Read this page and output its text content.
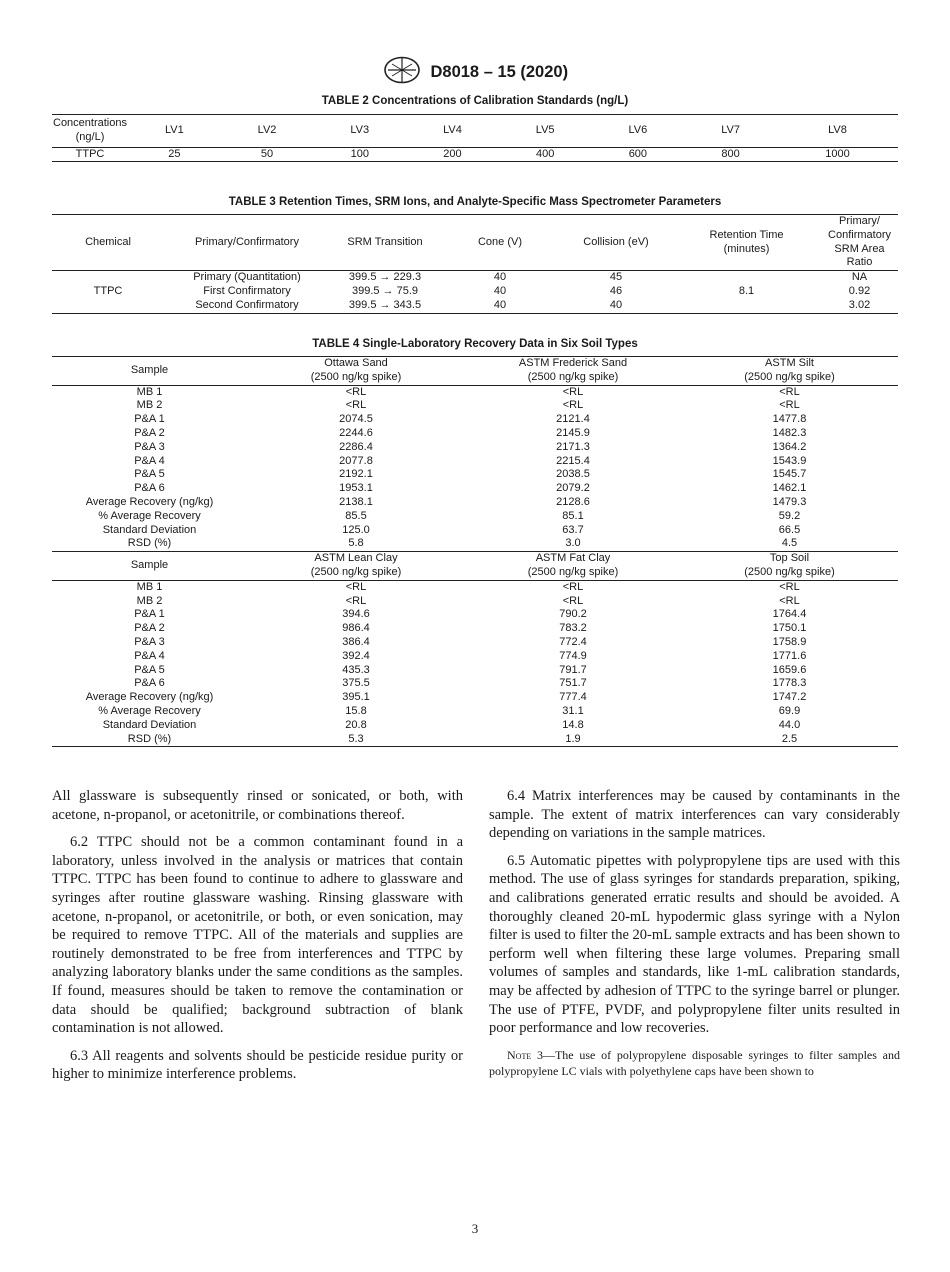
D8018 – 15 (2020)
TABLE 2 Concentrations of Calibration Standards (ng/L)
Concentrations (ng/L)	LV1	LV2	LV3	LV4	LV5	LV6	LV7	LV8
TTPC	25	50	100	200	400	600	800	1000
TABLE 3 Retention Times, SRM Ions, and Analyte-Specific Mass Spectrometer Parameters
Chemical	Primary/Confirmatory	SRM Transition	Cone (V)	Collision (eV)	Retention Time (minutes)	Primary/ Confirmatory SRM Area Ratio
TTPC	Primary (Quantitation)	399.5 → 229.3	40	45	8.1	NA
	First Confirmatory	399.5 → 75.9	40	46		0.92
	Second Confirmatory	399.5 → 343.5	40	40		3.02
TABLE 4 Single-Laboratory Recovery Data in Six Soil Types
Sample	Ottawa Sand	ASTM Frederick Sand	ASTM Silt
	(2500 ng/kg spike)	(2500 ng/kg spike)	(2500 ng/kg spike)
MB 1	<RL	<RL	<RL
MB 2	<RL	<RL	<RL
P&A 1	2074.5	2121.4	1477.8
P&A 2	2244.6	2145.9	1482.3
P&A 3	2286.4	2171.3	1364.2
P&A 4	2077.8	2215.4	1543.9
P&A 5	2192.1	2038.5	1545.7
P&A 6	1953.1	2079.2	1462.1
Average Recovery (ng/kg)	2138.1	2128.6	1479.3
% Average Recovery	85.5	85.1	59.2
Standard Deviation	125.0	63.7	66.5
RSD (%)	5.8	3.0	4.5
Sample	ASTM Lean Clay	ASTM Fat Clay	Top Soil
	(2500 ng/kg spike)	(2500 ng/kg spike)	(2500 ng/kg spike)
MB 1	<RL	<RL	<RL
MB 2	<RL	<RL	<RL
P&A 1	394.6	790.2	1764.4
P&A 2	986.4	783.2	1750.1
P&A 3	386.4	772.4	1758.9
P&A 4	392.4	774.9	1771.6
P&A 5	435.3	791.7	1659.6
P&A 6	375.5	751.7	1778.3
Average Recovery (ng/kg)	395.1	777.4	1747.2
% Average Recovery	15.8	31.1	69.9
Standard Deviation	20.8	14.8	44.0
RSD (%)	5.3	1.9	2.5

All glassware is subsequently rinsed or sonicated, or both, with acetone, n-propanol, or acetonitrile, or combinations thereof.

6.2 TTPC should not be a common contaminant found in a laboratory, unless involved in the analysis or matrices that contain TTPC. TTPC has been found to continue to adhere to glassware and syringes after routine glassware washing. Rinsing glassware with acetone, n-propanol, or acetonitrile, or both, or even sonication, may be required to remove TTPC. All of the materials and supplies are routinely demonstrated to be free from interferences and TTPC by analyzing laboratory blanks under the same conditions as the samples. If found, measures should be taken to remove the contamination or data should be qualified; background subtraction of blank contamination is not allowed.

6.3 All reagents and solvents should be pesticide residue purity or higher to minimize interference problems.

6.4 Matrix interferences may be caused by contaminants in the sample. The extent of matrix interferences can vary considerably depending on variations in the sample matrices.

6.5 Automatic pipettes with polypropylene tips are used with this method. The use of glass syringes for standards preparation, spiking, and calibrations generated erratic results and should be avoided. A thoroughly cleaned 20-mL hypodermic glass syringe with a Nylon filter is used to filter the 20-mL sample extracts and has been shown to perform well when filtering these large volumes. Preparing small volumes of samples and standards, like 1-mL calibration standards, may be affected by adhesion of TTPC to the syringe barrel or plunger. The use of PTFE, PVDF, and polypropylene filter units resulted in poor performance and low recoveries.

Note 3—The use of polypropylene disposable syringes to filter samples and polypropylene LC vials with polyethylene caps have been shown to

3
